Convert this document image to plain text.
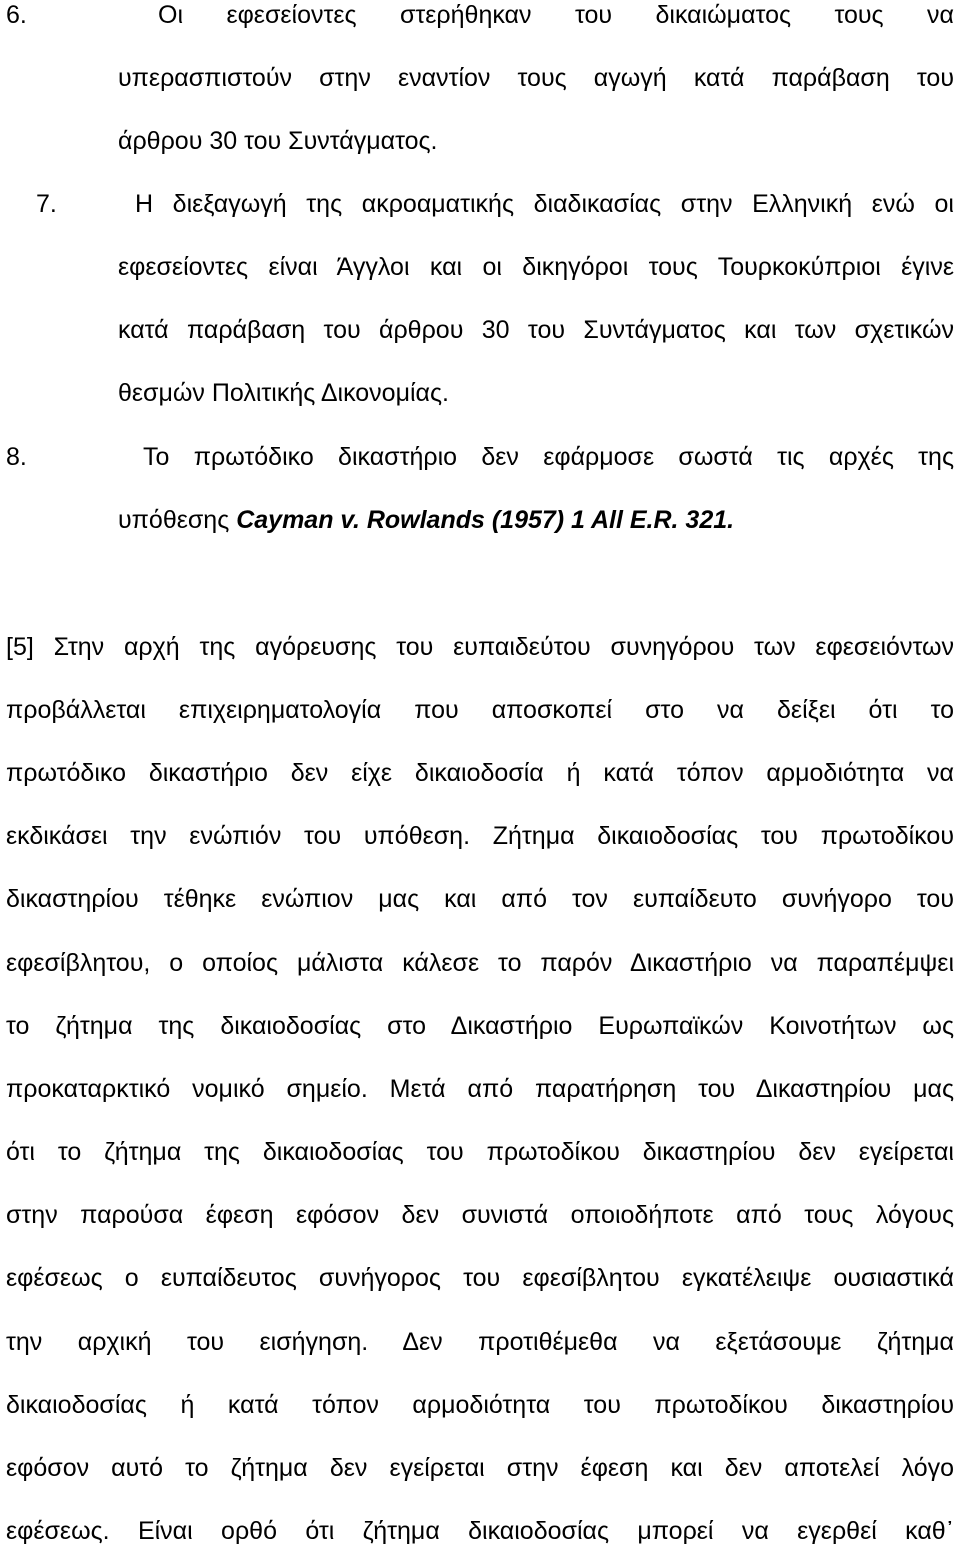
6.	Οι εφεσείοντες στερήθηκαν του δικαιώματος τους να
υπερασπιστούν στην εναντίον τους αγωγή κατά παράβαση του
άρθρου 30 του Συντάγματος.
7.	Η διεξαγωγή της ακροαματικής διαδικασίας στην Ελληνική ενώ οι
εφεσείοντες είναι Άγγλοι και οι δικηγόροι τους Τουρκοκύπριοι έγινε
κατά παράβαση του άρθρου 30 του Συντάγματος και των σχετικών
θεσμών Πολιτικής Δικονομίας.
8.	Το πρωτόδικο δικαστήριο δεν εφάρμοσε σωστά τις αρχές της
υπόθεσης Cayman v. Rowlands (1957) 1 All E.R. 321.
[5] Στην αρχή της αγόρευσης του ευπαιδεύτου συνηγόρου των εφεσειόντων
προβάλλεται επιχειρηματολογία που αποσκοπεί στο να δείξει ότι το
πρωτόδικο δικαστήριο δεν είχε δικαιοδοσία ή κατά τόπον αρμοδιότητα να
εκδικάσει την ενώπιόν του υπόθεση. Ζήτημα δικαιοδοσίας του πρωτοδίκου
δικαστηρίου τέθηκε ενώπιον μας και από τον ευπαίδευτο συνήγορο του
εφεσίβλητου, ο οποίος μάλιστα κάλεσε το παρόν Δικαστήριο να παραπέμψει
το ζήτημα της δικαιοδοσίας στο Δικαστήριο Ευρωπαϊκών Κοινοτήτων ως
προκαταρκτικό νομικό σημείο. Μετά από παρατήρηση του Δικαστηρίου μας
ότι το ζήτημα της δικαιοδοσίας του πρωτοδίκου δικαστηρίου δεν εγείρεται
στην παρούσα έφεση εφόσον δεν συνιστά οποιοδήποτε από τους λόγους
εφέσεως ο ευπαίδευτος συνήγορος του εφεσίβλητου εγκατέλειψε ουσιαστικά
την αρχική του εισήγηση. Δεν προτιθέμεθα να εξετάσουμε ζήτημα
δικαιοδοσίας ή κατά τόπον αρμοδιότητα του πρωτοδίκου δικαστηρίου
εφόσον αυτό το ζήτημα δεν εγείρεται στην έφεση και δεν αποτελεί λόγο
εφέσεως. Είναι ορθό ότι ζήτημα δικαιοδοσίας μπορεί να εγερθεί καθ᾽
